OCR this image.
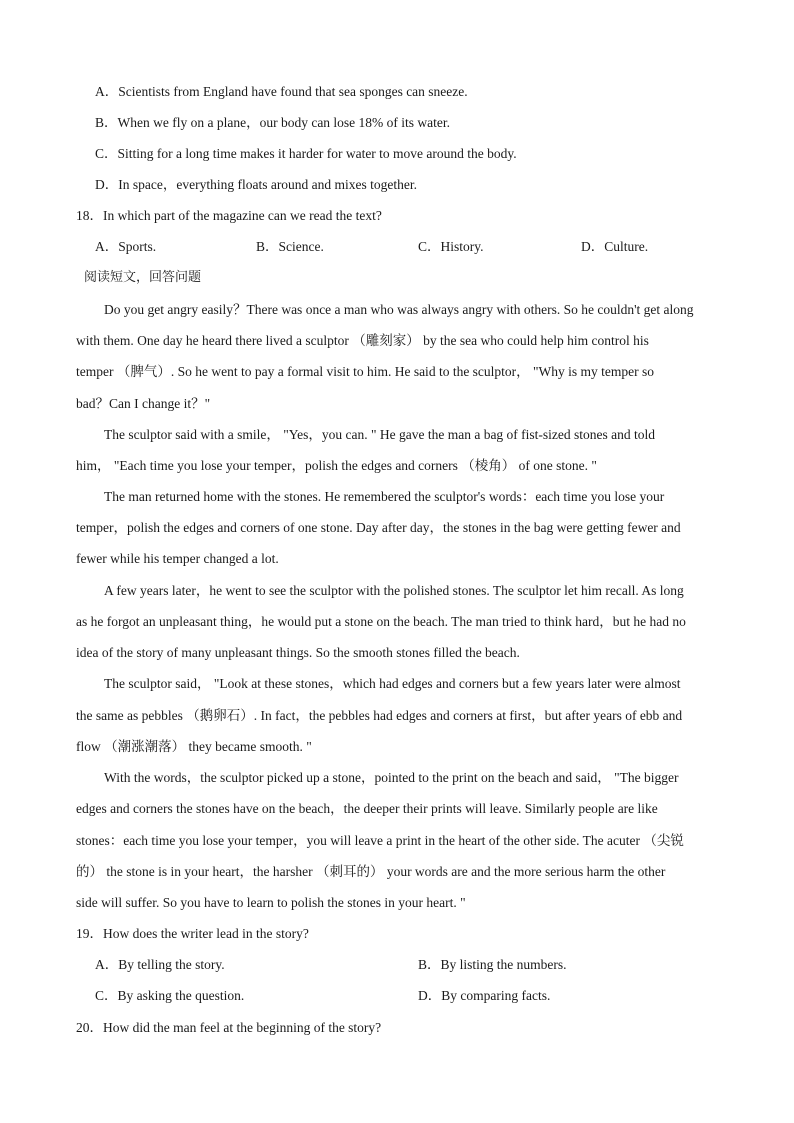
A．Scientists from England have found that sea sponges can sneeze.
B．When we fly on a plane，our body can lose 18% of its water.
C．Sitting for a long time makes it harder for water to move around the body.
D．In space，everything floats around and mixes together.
18．In which part of the magazine can we read the text?
A．Sports.	B．Science.	C．History.	D．Culture.
阅读短文，回答问题
Do you get angry easily？There was once a man who was always angry with others. So he couldn't get along
with them. One day he heard there lived a sculptor （雕刻家） by the sea who could help him control his
temper （脾气）. So he went to pay a formal visit to him. He said to the sculptor， "Why is my temper so
bad？Can I change it？"
The sculptor said with a smile， "Yes，you can. " He gave the man a bag of fist-sized stones and told
him， "Each time you lose your temper，polish the edges and corners （棱角） of one stone. "
The man returned home with the stones. He remembered the sculptor's words：each time you lose your
temper，polish the edges and corners of one stone. Day after day，the stones in the bag were getting fewer and
fewer while his temper changed a lot.
A few years later，he went to see the sculptor with the polished stones. The sculptor let him recall. As long
as he forgot an unpleasant thing，he would put a stone on the beach. The man tried to think hard，but he had no
idea of the story of many unpleasant things. So the smooth stones filled the beach.
The sculptor said， "Look at these stones，which had edges and corners but a few years later were almost
the same as pebbles （鹅卵石）. In fact，the pebbles had edges and corners at first，but after years of ebb and
flow （潮涨潮落） they became smooth. "
With the words，the sculptor picked up a stone，pointed to the print on the beach and said， "The bigger
edges and corners the stones have on the beach，the deeper their prints will leave. Similarly people are like
stones：each time you lose your temper，you will leave a print in the heart of the other side. The acuter （尖锐
的） the stone is in your heart，the harsher （刺耳的） your words are and the more serious harm the other
side will suffer. So you have to learn to polish the stones in your heart. "
19．How does the writer lead in the story?
A．By telling the story.	B．By listing the numbers.
C．By asking the question.	D．By comparing facts.
20．How did the man feel at the beginning of the story?
